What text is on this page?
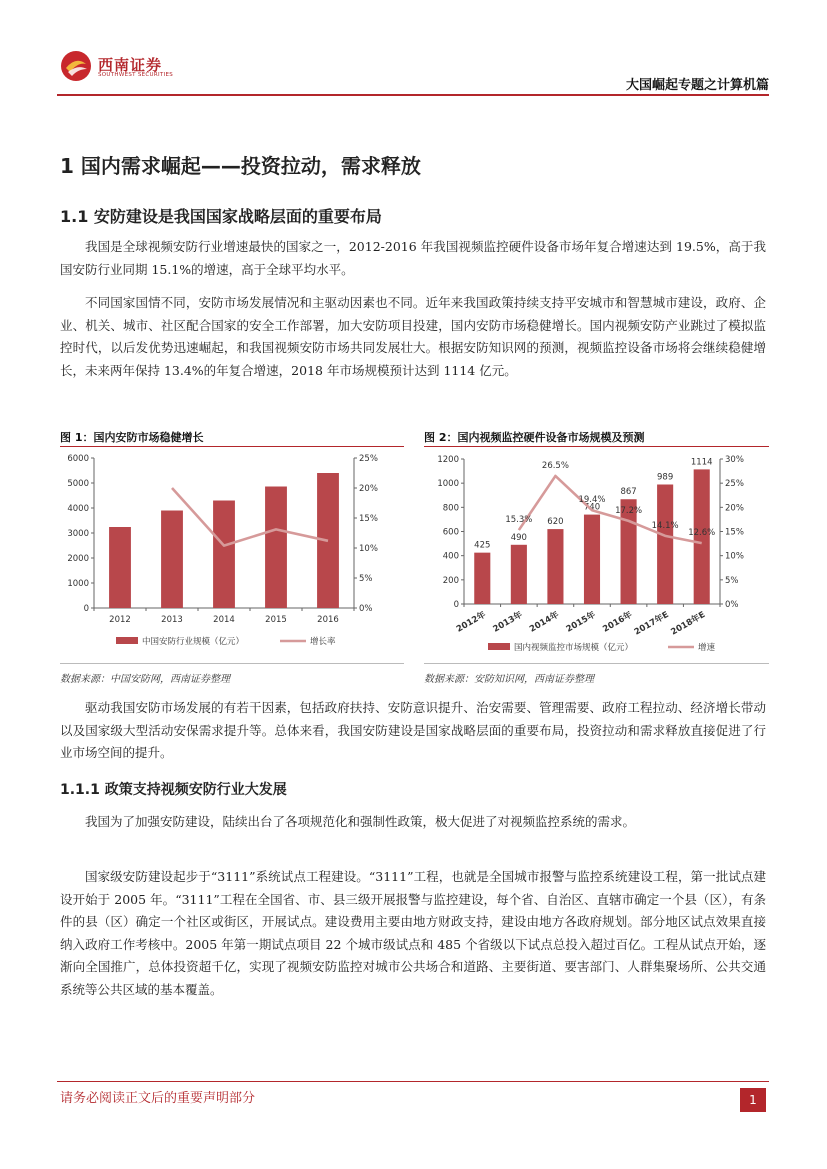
西南证券
SOUTHWEST SECURITIES
大国崛起专题之计算机篇
1 国内需求崛起——投资拉动，需求释放
1.1 安防建设是我国国家战略层面的重要布局

我国是全球视频安防行业增速最快的国家之一，2012-2016 年我国视频监控硬件设备市场年复合增速达到 19.5%，高于我国安防行业同期 15.1%的增速，高于全球平均水平。

不同国家国情不同，安防市场发展情况和主驱动因素也不同。近年来我国政策持续支持平安城市和智慧城市建设，政府、企业、机关、城市、社区配合国家的安全工作部署，加大安防项目投建，国内安防市场稳健增长。国内视频安防产业跳过了模拟监控时代，以后发优势迅速崛起，和我国视频安防市场共同发展壮大。根据安防知识网的预测，视频监控设备市场将会继续稳健增长，未来两年保持 13.4%的年复合增速，2018 年市场规模预计达到 1114 亿元。

图 1：国内安防市场稳健增长
0
1000
2000
3000
4000
5000
6000
0%
5%
10%
15%
20%
25%
2012	2013	2014	2015	2016
中国安防行业规模（亿元）	增长率
数据来源：中国安防网，西南证券整理
图 2：国内视频监控硬件设备市场规模及预测
0
200
400
600
800
1000
1200
0%
5%
10%
15%
20%
25%
30%
425
490
620
740
867
989
1114
15.3%
26.5%
19.4%
17.2%
14.1%
12.6%
2012年 2013年 2014年 2015年 2016年
2017年E
2018年E
国内视频监控市场规模（亿元）	增速
数据来源：安防知识网，西南证券整理

驱动我国安防市场发展的有若干因素，包括政府扶持、安防意识提升、治安需要、管理需要、政府工程拉动、经济增长带动以及国家级大型活动安保需求提升等。总体来看，我国安防建设是国家战略层面的重要布局，投资拉动和需求释放直接促进了行业市场空间的提升。

1.1.1 政策支持视频安防行业大发展

我国为了加强安防建设，陆续出台了各项规范化和强制性政策，极大促进了对视频监控系统的需求。

国家级安防建设起步于“3111”系统试点工程建设。“3111”工程，也就是全国城市报警与监控系统建设工程，第一批试点建设开始于 2005 年。“3111”工程在全国省、市、县三级开展报警与监控建设，每个省、自治区、直辖市确定一个县（区），有条件的县（区）确定一个社区或街区，开展试点。建设费用主要由地方财政支持，建设由地方各政府规划。部分地区试点效果直接纳入政府工作考核中。2005 年第一期试点项目 22 个城市级试点和 485 个省级以下试点总投入超过百亿。工程从试点开始，逐渐向全国推广，总体投资超千亿，实现了视频安防监控对城市公共场合和道路、主要街道、要害部门、人群集聚场所、公共交通系统等公共区域的基本覆盖。

请务必阅读正文后的重要声明部分	1
